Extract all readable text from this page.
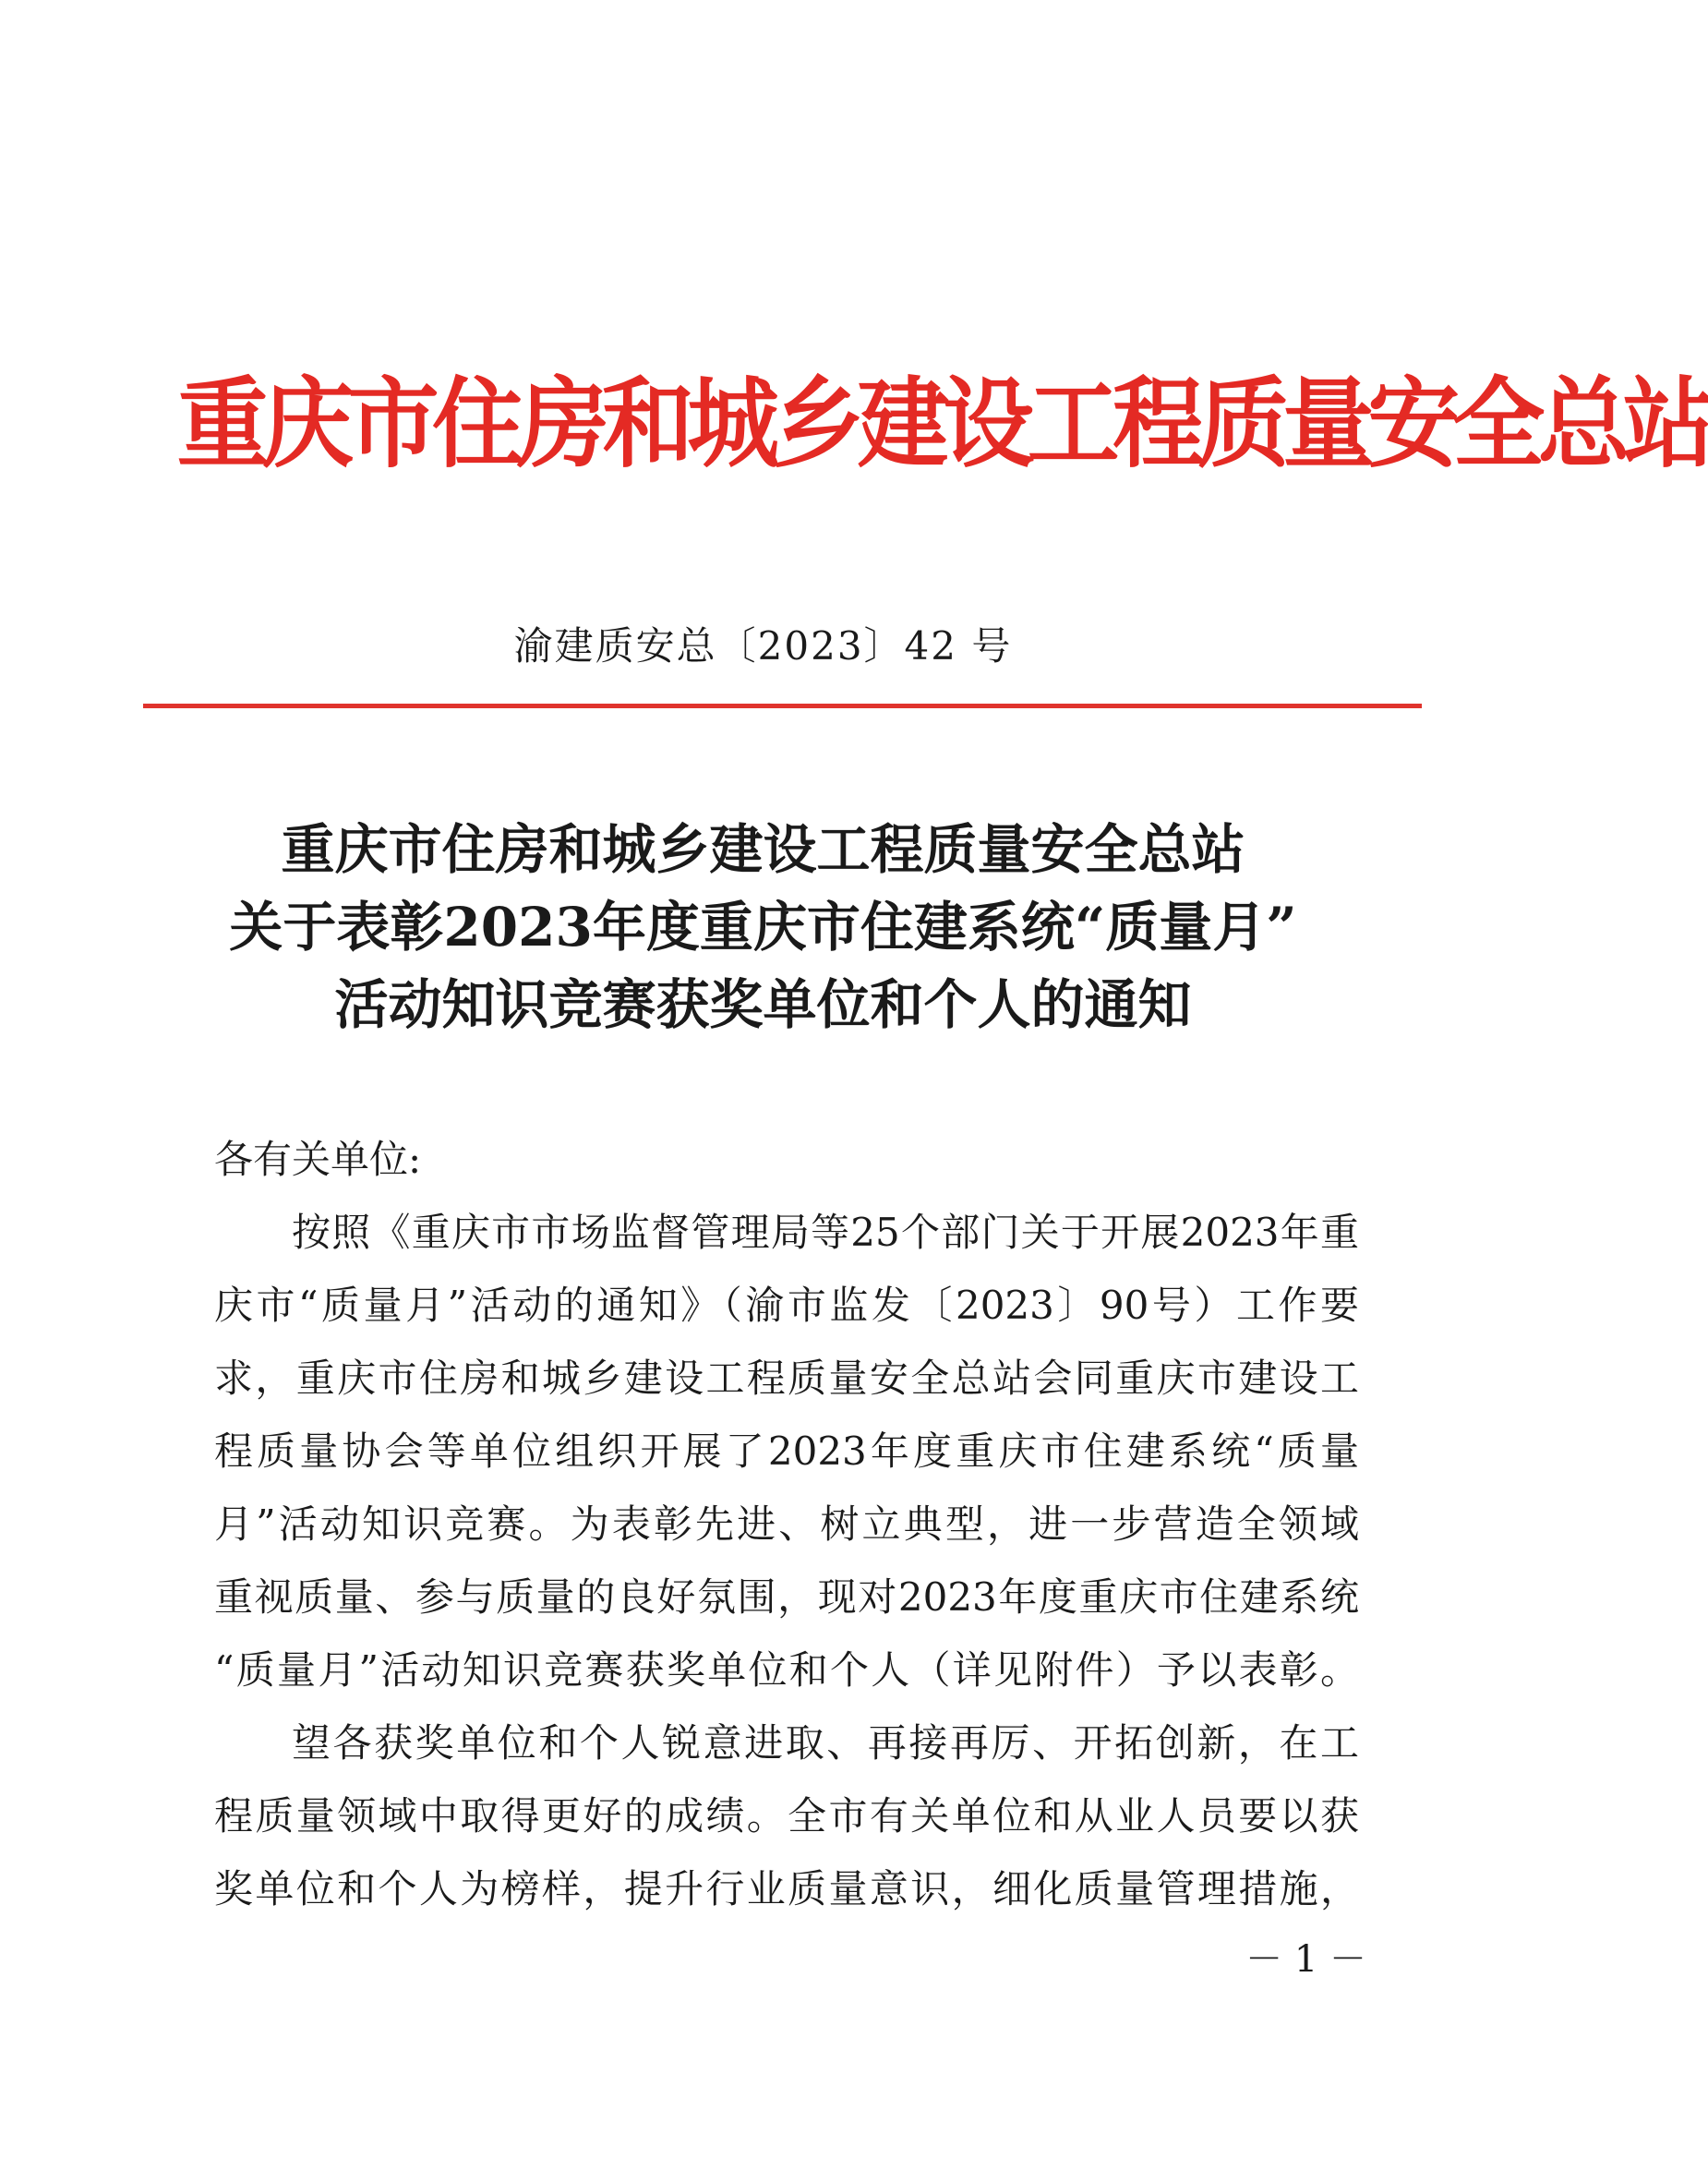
重庆市住房和城乡建设工程质量安全总站
渝建质安总〔2023〕42 号
重庆市住房和城乡建设工程质量安全总站
关于表彰2023年度重庆市住建系统“质量月”
活动知识竞赛获奖单位和个人的通知
各有关单位:
按照《重庆市市场监督管理局等25个部门关于开展2023年重
庆市“质量月”活动的通知》（渝市监发〔2023〕90号）工作要
求，重庆市住房和城乡建设工程质量安全总站会同重庆市建设工
程质量协会等单位组织开展了2023年度重庆市住建系统“质量
月”活动知识竞赛。为表彰先进、树立典型，进一步营造全领域
重视质量、参与质量的良好氛围，现对2023年度重庆市住建系统
“质量月”活动知识竞赛获奖单位和个人（详见附件）予以表彰。
望各获奖单位和个人锐意进取、再接再厉、开拓创新，在工
程质量领域中取得更好的成绩。全市有关单位和从业人员要以获
奖单位和个人为榜样，提升行业质量意识，细化质量管理措施，
－ 1 －
